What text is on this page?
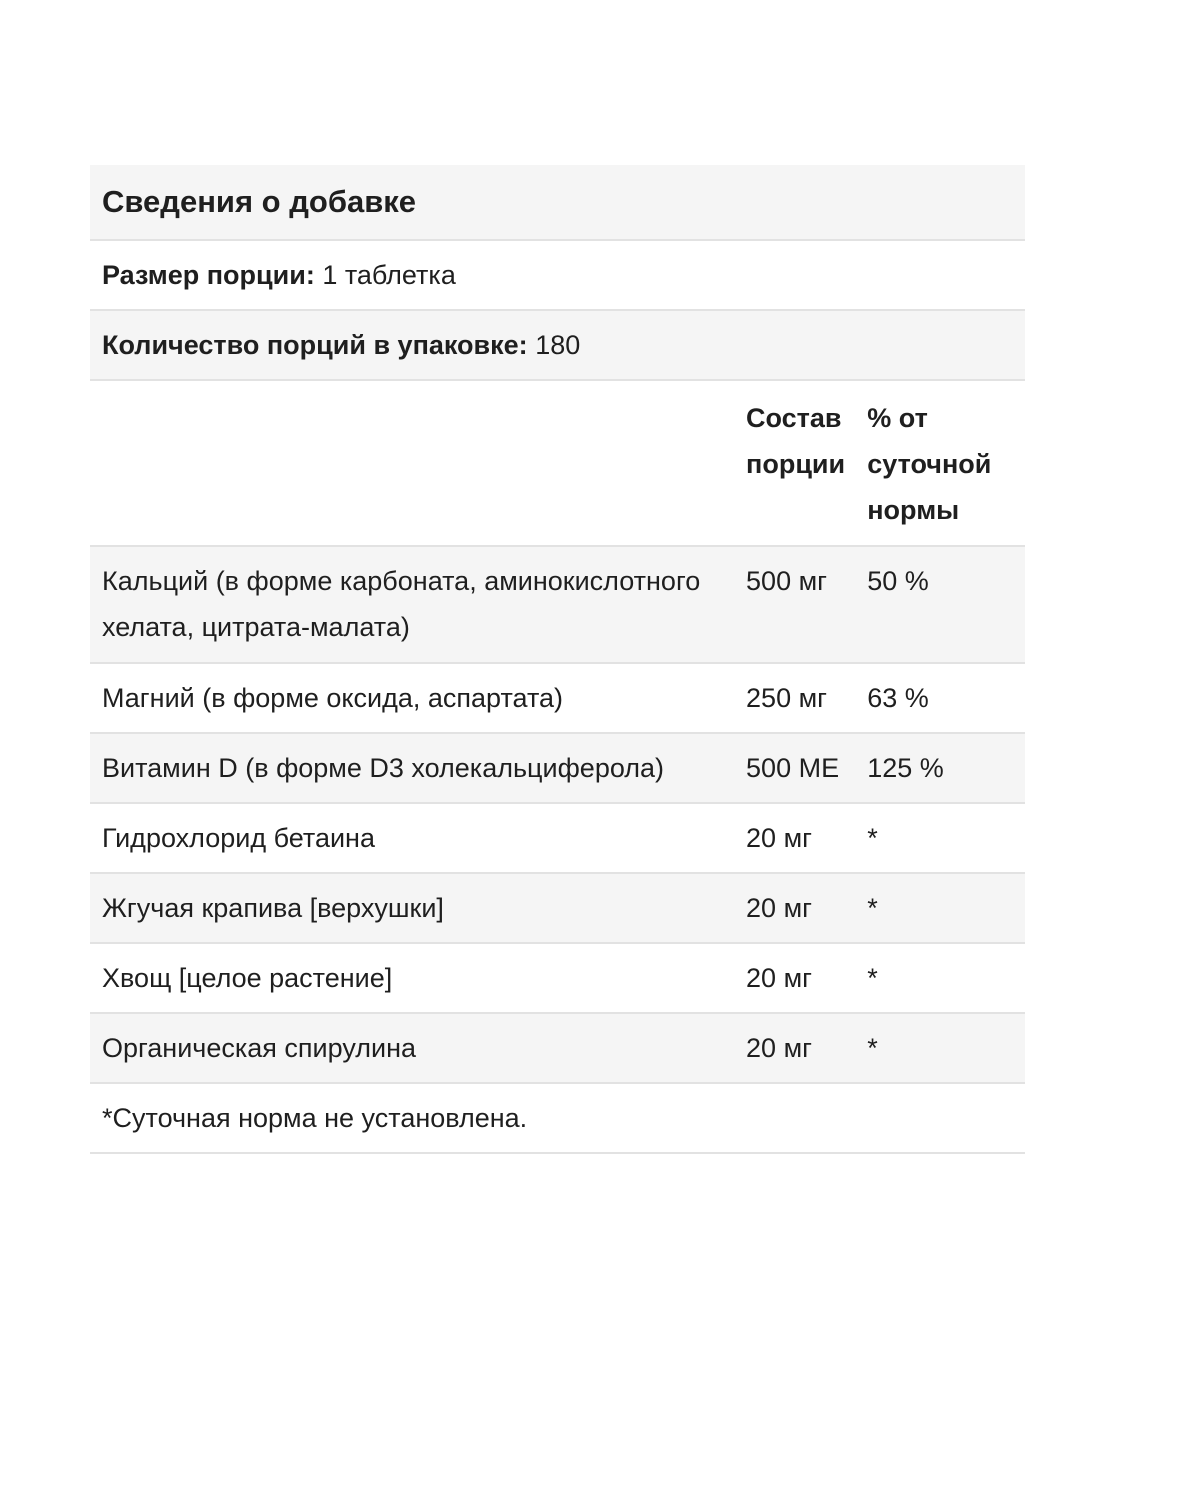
Сведения о добавке		
Размер порции: 1 таблетка		
Количество порций в упаковке: 180		
	Состав порции	% от суточной нормы
Кальций (в форме карбоната, аминокислотного хелата, цитрата-малата)	500 мг	50 %
Магний (в форме оксида, аспартата)	250 мг	63 %
Витамин D (в форме D3 холекальциферола)	500 МЕ	125 %
Гидрохлорид бетаина	20 мг	*
Жгучая крапива [верхушки]	20 мг	*
Хвощ [целое растение]	20 мг	*
Органическая спирулина	20 мг	*
*Суточная норма не установлена.		
